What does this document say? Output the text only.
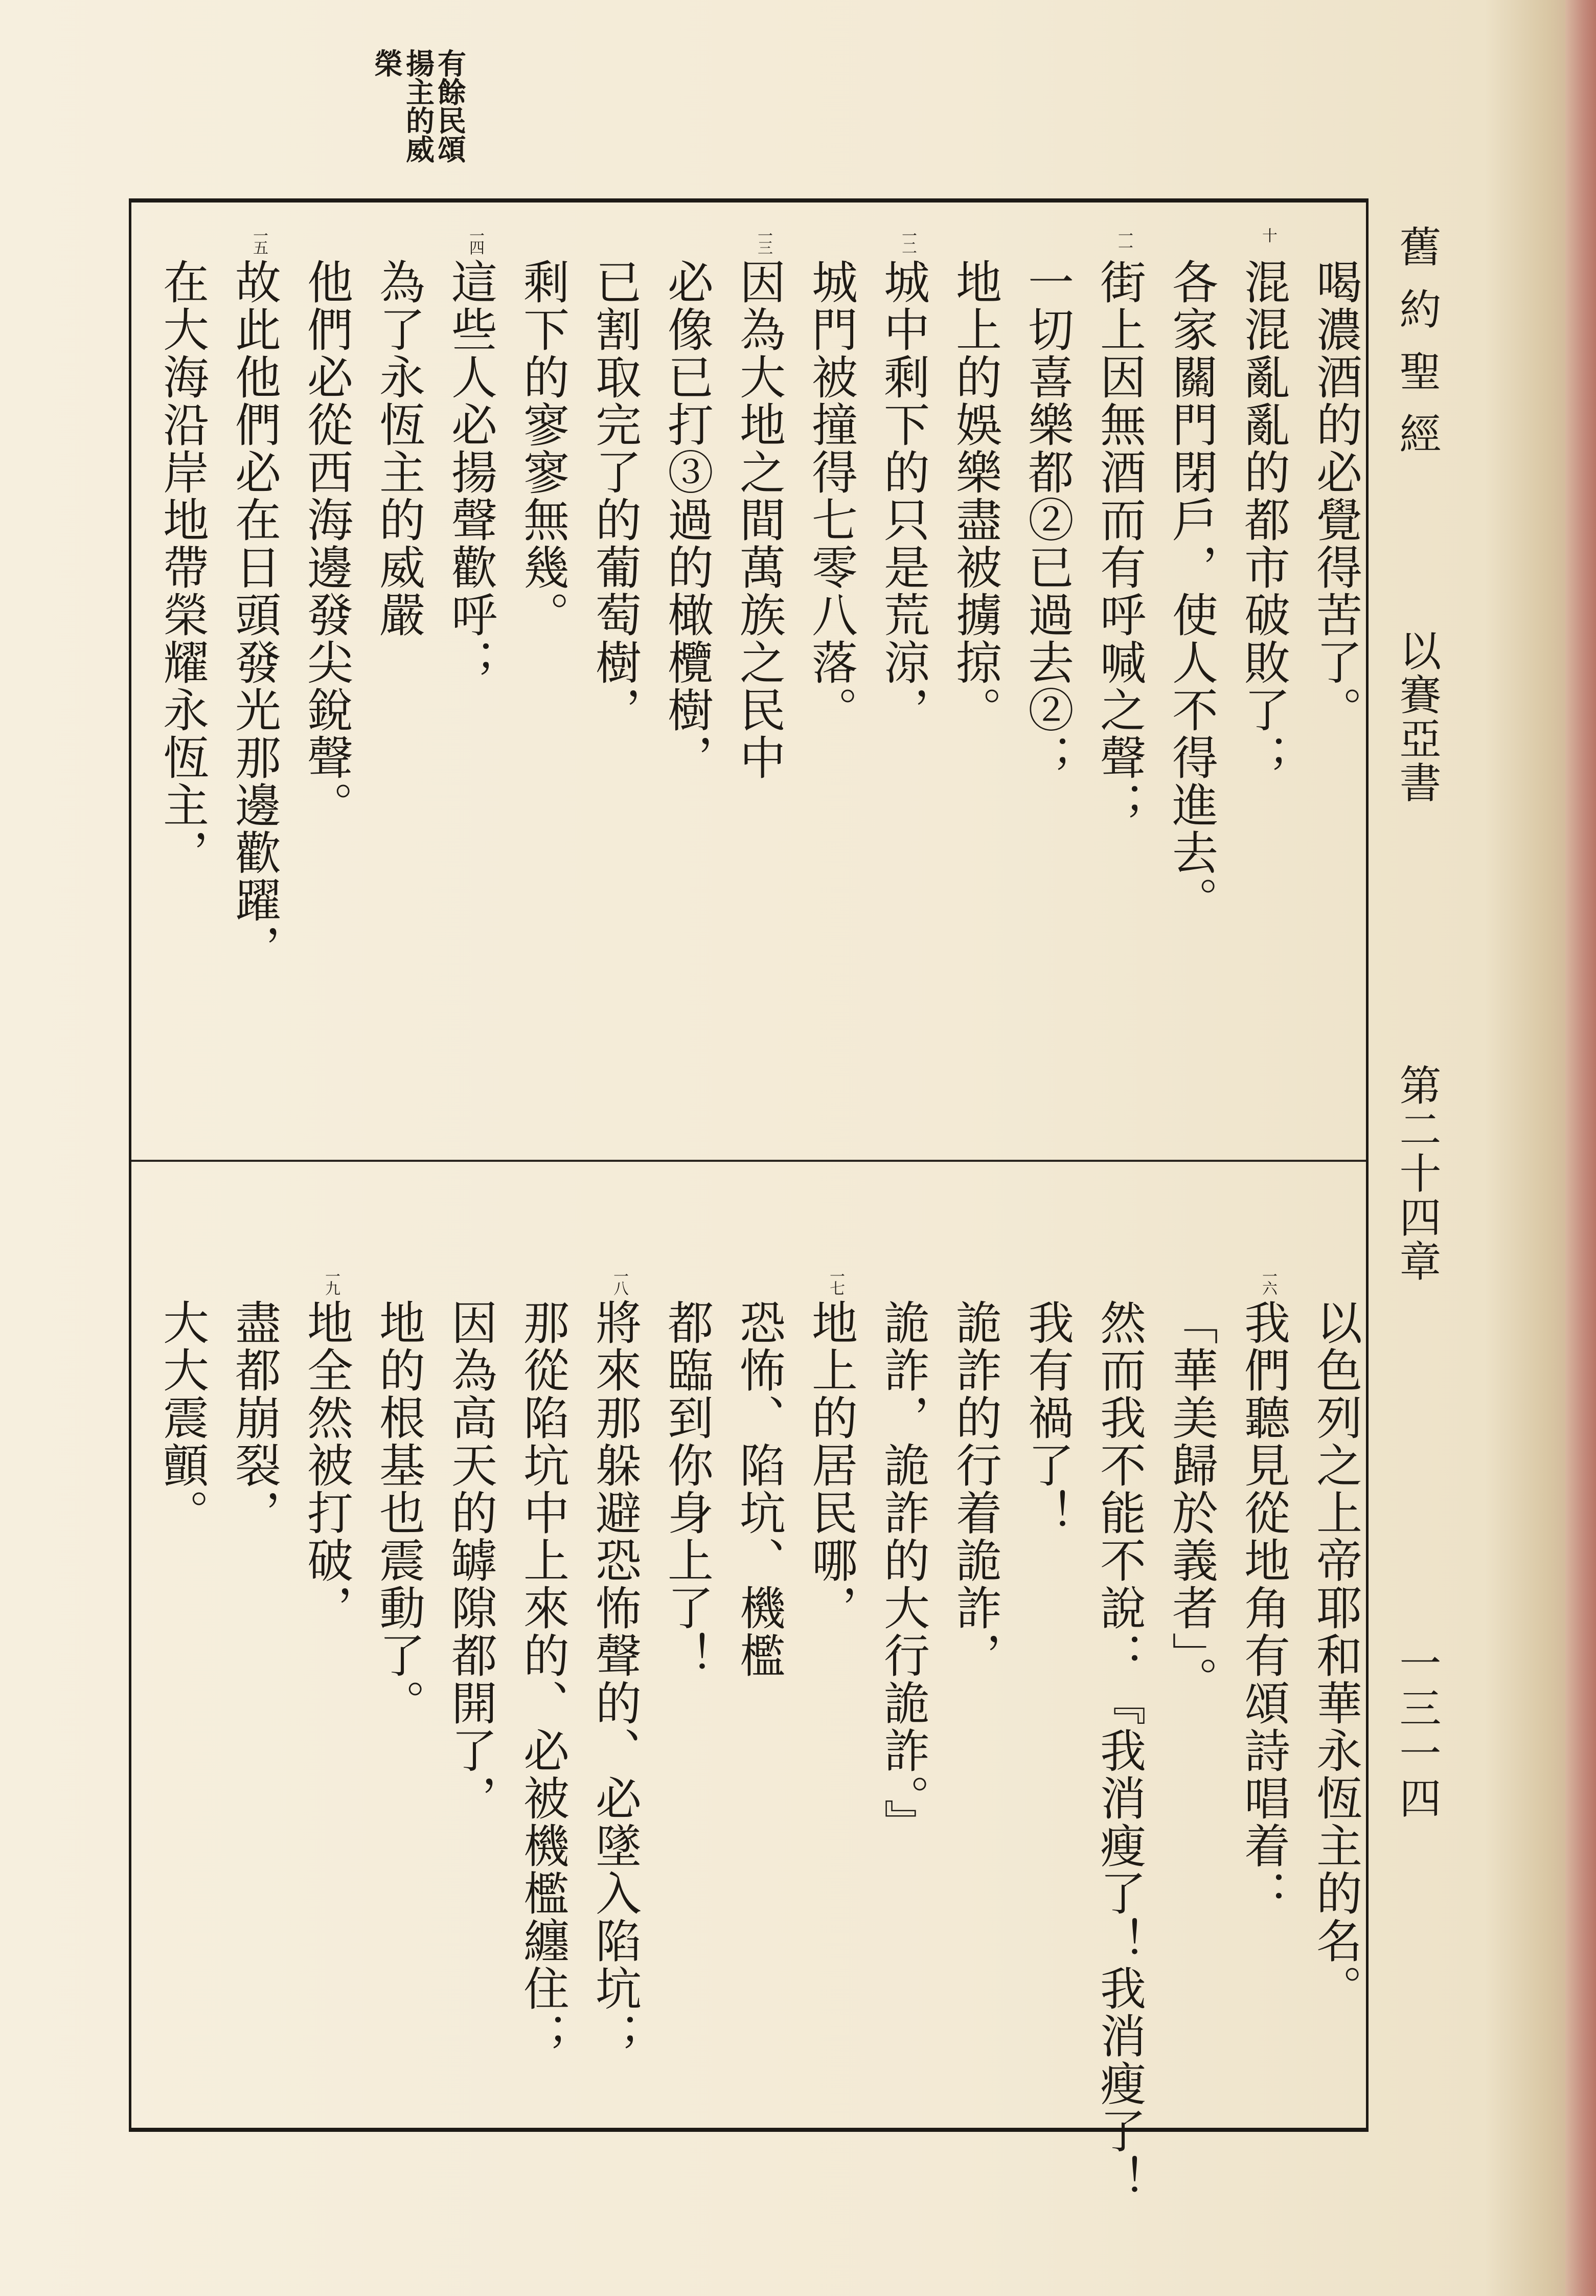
有餘民頌
揚主的威
榮
舊約聖經
以賽亞書
第二十四章
一三一四
喝濃酒的必覺得苦了。
十
混混亂亂的都市破敗了；
各家關門閉戶，使人不得進去。
一一
街上因無酒而有呼喊之聲；
一切喜樂都②已過去②；
地上的娛樂盡被擄掠。
一二
城中剩下的只是荒涼，
城門被撞得七零八落。
一三
因為大地之間萬族之民中
必像已打③過的橄欖樹，
已割取完了的葡萄樹，
剩下的寥寥無幾。
一四
這些人必揚聲歡呼；
為了永恆主的威嚴
他們必從西海邊發尖銳聲。
一五
故此他們必在日頭發光那邊歡躍，
在大海沿岸地帶榮耀永恆主，
以色列之上帝耶和華永恆主的名。
一六
我們聽見從地角有頌詩唱着：
「華美歸於義者」。
然而我不能不說：『我消瘦了！我消瘦了！
我有禍了！
詭詐的行着詭詐，
詭詐，詭詐的大行詭詐。』
一七
地上的居民哪，
恐怖、陷坑、機檻
都臨到你身上了！
一八
將來那躲避恐怖聲的、必墜入陷坑；
那從陷坑中上來的、必被機檻纏住；
因為高天的罅隙都開了，
地的根基也震動了。
一九
地全然被打破，
盡都崩裂，
大大震顫。
